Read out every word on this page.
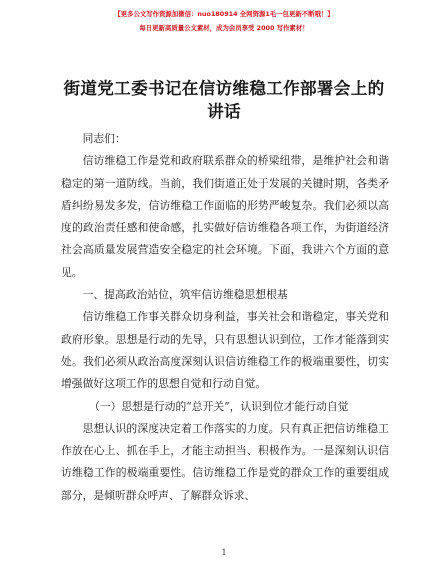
【更多公文写作资源加微信：nuo180914 全网资源1毛一包更新不断哦！】
每日更新高质量公文素材，成为会员享受 2000 写作素材！
街道党工委书记在信访维稳工作部署会上的讲话

同志们：

信访维稳工作是党和政府联系群众的桥梁纽带，是维护社会和谐稳定的第一道防线。当前，我们街道正处于发展的关键时期，各类矛盾纠纷易发多发，信访维稳工作面临的形势严峻复杂。我们必须以高度的政治责任感和使命感，扎实做好信访维稳各项工作，为街道经济社会高质量发展营造安全稳定的社会环境。下面，我讲六个方面的意见。

一、提高政治站位，筑牢信访维稳思想根基

信访维稳工作事关群众切身利益，事关社会和谐稳定，事关党和政府形象。思想是行动的先导，只有思想认识到位，工作才能落到实处。我们必须从政治高度深刻认识信访维稳工作的极端重要性，切实增强做好这项工作的思想自觉和行动自觉。

（一）思想是行动的“总开关”，认识到位才能行动自觉

思想认识的深度决定着工作落实的力度。只有真正把信访维稳工作放在心上、抓在手上，才能主动担当、积极作为。一是深刻认识信访维稳工作的极端重要性。信访维稳工作是党的群众工作的重要组成部分，是倾听群众呼声、了解群众诉求、

1
